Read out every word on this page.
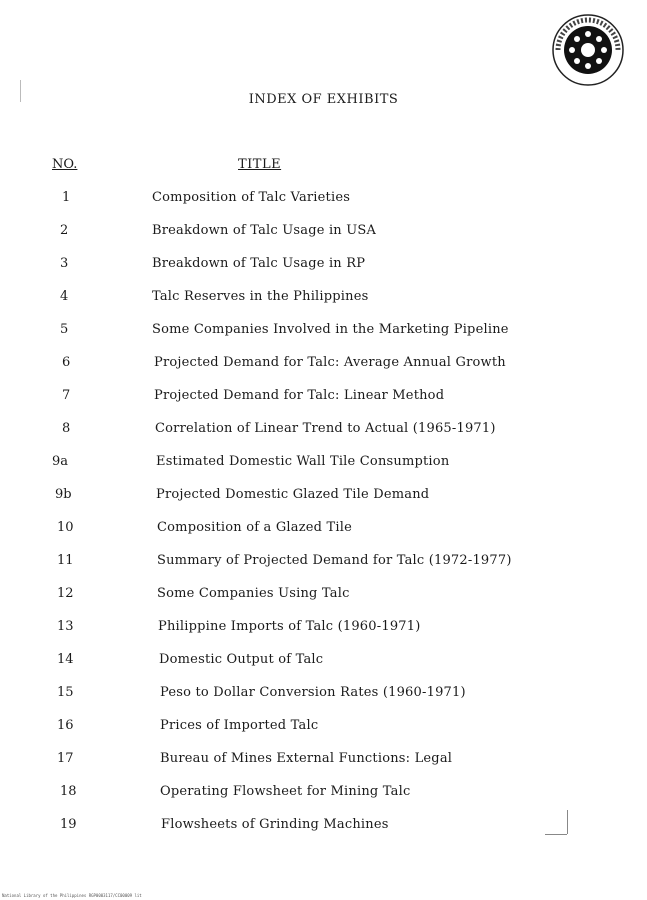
INDEX OF EXHIBITS
NO.	TITLE
1	Composition of Talc Varieties
2	Breakdown of Talc Usage in USA
3	Breakdown of Talc Usage in RP
4	Talc Reserves in the Philippines
5	Some Companies Involved in the Marketing Pipeline
6	Projected Demand for Talc: Average Annual Growth
7	Projected Demand for Talc: Linear Method
8	Correlation of Linear Trend to Actual (1965-1971)
9a	Estimated Domestic Wall Tile Consumption
9b	Projected Domestic Glazed Tile Demand
10	Composition of a Glazed Tile
11	Summary of Projected Demand for Talc (1972-1977)
12	Some Companies Using Talc
13	Philippine Imports of Talc (1960-1971)
14	Domestic Output of Talc
15	Peso to Dollar Conversion Rates (1960-1971)
16	Prices of Imported Talc
17	Bureau of Mines External Functions: Legal
18	Operating Flowsheet for Mining Talc
19	Flowsheets of Grinding Machines
National Library of the Philippines RGP0003117/CC00009 lit
